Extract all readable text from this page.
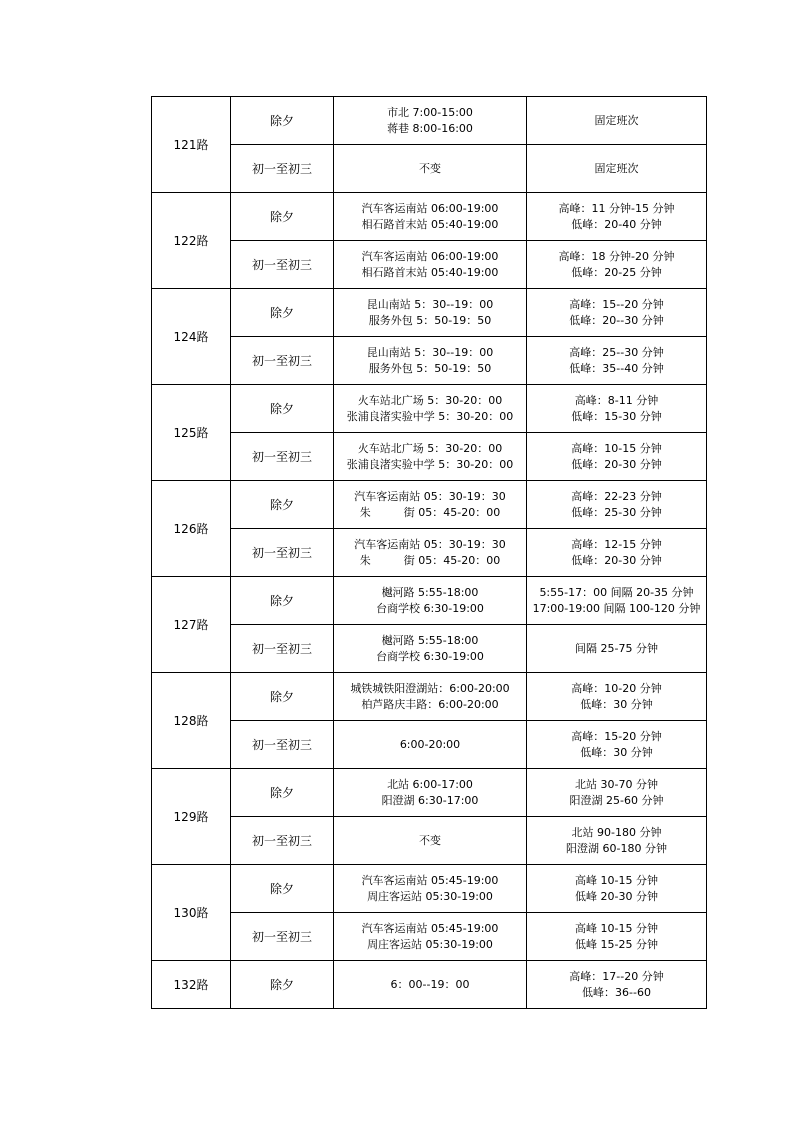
121路	除夕	市北 7:00-15:00
蒋巷 8:00-16:00	固定班次

	初一至初三	不变	固定班次

122路	除夕	汽车客运南站 06:00-19:00
相石路首末站 05:40-19:00	高峰：11 分钟-15 分钟
低峰：20-40 分钟

	初一至初三	汽车客运南站 06:00-19:00
相石路首末站 05:40-19:00	高峰：18 分钟-20 分钟
低峰：20-25 分钟

124路	除夕	昆山南站 5：30--19：00
服务外包 5：50-19：50	高峰：15--20 分钟
低峰：20--30 分钟

	初一至初三	昆山南站 5：30--19：00
服务外包 5：50-19：50	高峰：25--30 分钟
低峰：35--40 分钟

125路	除夕	火车站北广场 5：30-20：00
张浦良渚实验中学 5：30-20：00	高峰：8-11 分钟
低峰：15-30 分钟

	初一至初三	火车站北广场 5：30-20：00
张浦良渚实验中学 5：30-20：00	高峰：10-15 分钟
低峰：20-30 分钟

126路	除夕	汽车客运南站 05：30-19：30
朱　　　街 05：45-20：00	高峰：22-23 分钟
低峰：25-30 分钟

	初一至初三	汽车客运南站 05：30-19：30
朱　　　街 05：45-20：00	高峰：12-15 分钟
低峰：20-30 分钟

127路	除夕	樾河路 5:55-18:00
台商学校 6:30-19:00	5:55-17：00 间隔 20-35 分钟
17:00-19:00 间隔 100-120 分钟

	初一至初三	樾河路 5:55-18:00
台商学校 6:30-19:00	间隔 25-75 分钟

128路	除夕	城铁城铁阳澄湖站：6:00-20:00
柏芦路庆丰路：6:00-20:00	高峰：10-20 分钟
低峰：30 分钟

	初一至初三	6:00-20:00	高峰：15-20 分钟
低峰：30 分钟

129路	除夕	北站 6:00-17:00
阳澄湖 6:30-17:00	北站 30-70 分钟
阳澄湖 25-60 分钟

	初一至初三	不变	北站 90-180 分钟
阳澄湖 60-180 分钟

130路	除夕	汽车客运南站 05:45-19:00
周庄客运站 05:30-19:00	高峰 10-15 分钟
低峰 20-30 分钟

	初一至初三	汽车客运南站 05:45-19:00
周庄客运站 05:30-19:00	高峰 10-15 分钟
低峰 15-25 分钟

132路	除夕	6：00--19：00	高峰：17--20 分钟
低峰：36--60
